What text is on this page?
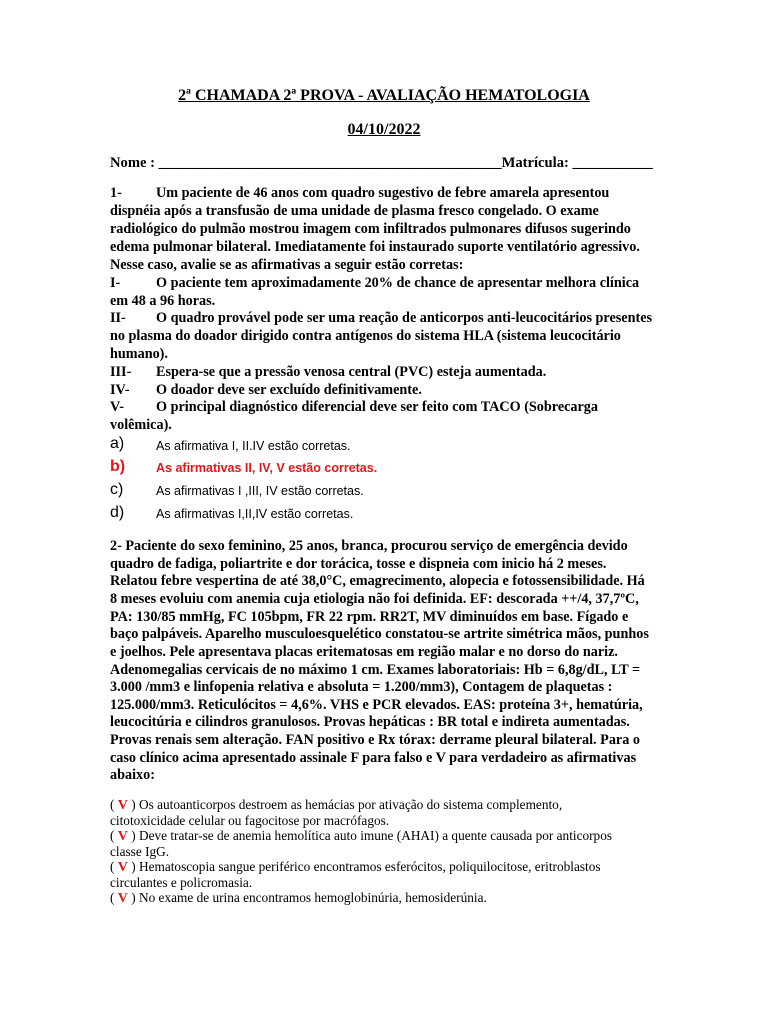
2ª CHAMADA 2ª PROVA - AVALIAÇÃO HEMATOLOGIA
04/10/2022
Nome : _______________________________________________Matrícula: ___________
1- Um paciente de 46 anos com quadro sugestivo de febre amarela apresentou
dispnéia após a transfusão de uma unidade de plasma fresco congelado. O exame
radiológico do pulmão mostrou imagem com infiltrados pulmonares difusos sugerindo
edema pulmonar bilateral. Imediatamente foi instaurado suporte ventilatório agressivo.
Nesse caso, avalie se as afirmativas a seguir estão corretas:
I-	O paciente tem aproximadamente 20% de chance de apresentar melhora clínica
em 48 a 96 horas.
II- O quadro provável pode ser uma reação de anticorpos anti-leucocitários presentes
no plasma do doador dirigido contra antígenos do sistema HLA (sistema leucocitário
humano).
III- Espera-se que a pressão venosa central (PVC) esteja aumentada.
IV- O doador deve ser excluído definitivamente.
V- O principal diagnóstico diferencial deve ser feito com TACO (Sobrecarga
volêmica).
a)	As afirmativa I, II.IV estão corretas.
b) As afirmativas II, IV, V estão corretas.
c)	As afirmativas I ,III, IV estão corretas.
d)	As afirmativas I,II,IV estão corretas.
2- Paciente do sexo feminino, 25 anos, branca, procurou serviço de emergência devido
quadro de fadiga, poliartrite e dor torácica, tosse e dispneia com inicio há 2 meses.
Relatou febre vespertina de até 38,0°C, emagrecimento, alopecia e fotossensibilidade. Há
8 meses evoluiu com anemia cuja etiologia não foi definida. EF: descorada ++/4, 37,7ºC,
PA: 130/85 mmHg, FC 105bpm, FR 22 rpm. RR2T, MV diminuídos em base. Fígado e
baço palpáveis. Aparelho musculoesquelético constatou-se artrite simétrica mãos, punhos
e joelhos. Pele apresentava placas eritematosas em região malar e no dorso do nariz.
Adenomegalias cervicais de no máximo 1 cm. Exames laboratoriais: Hb = 6,8g/dL, LT =
3.000 /mm3 e linfopenia relativa e absoluta = 1.200/mm3), Contagem de plaquetas :
125.000/mm3. Reticulócitos = 4,6%. VHS e PCR elevados. EAS: proteína 3+, hematúria,
leucocitúria e cilindros granulosos. Provas hepáticas : BR total e indireta aumentadas.
Provas renais sem alteração. FAN positivo e Rx tórax: derrame pleural bilateral. Para o
caso clínico acima apresentado assinale F para falso e V para verdadeiro as afirmativas
abaixo:
( V ) Os autoanticorpos destroem as hemácias por ativação do sistema complemento,
citotoxicidade celular ou fagocitose por macrófagos.
( V ) Deve tratar-se de anemia hemolítica auto imune (AHAI) a quente causada por anticorpos
classe IgG.
( V ) Hematoscopia sangue periférico encontramos esferócitos, poliquilocitose, eritroblastos
circulantes e policromasia.
( V ) No exame de urina encontramos hemoglobinúria, hemosiderúnia.
